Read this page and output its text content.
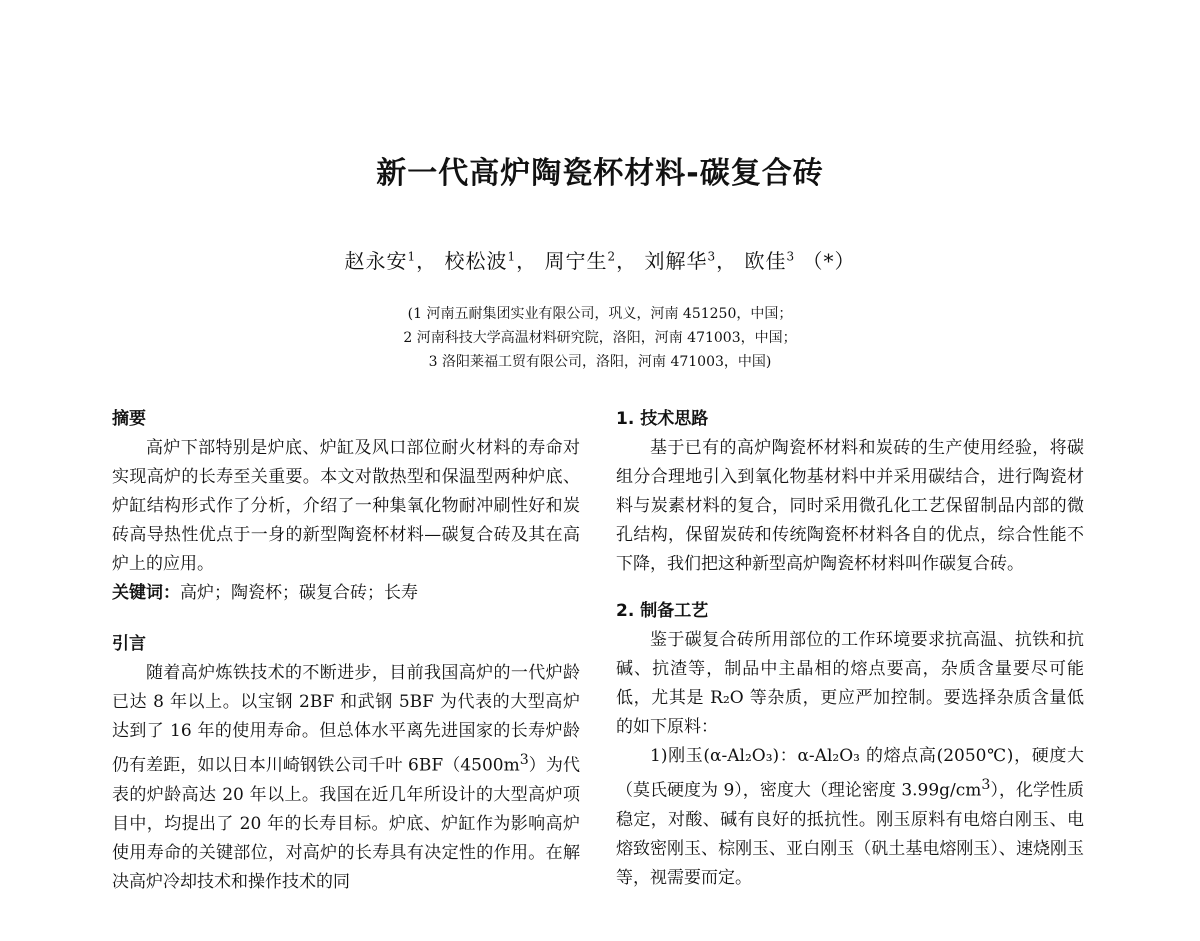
新一代高炉陶瓷杯材料-碳复合砖
赵永安$^1$， 校松波$^1$， 周宁生$^2$， 刘解华$^3$， 欧佳$^3$ （*）
(1 河南五耐集团实业有限公司，巩义，河南 451250，中国；
2 河南科技大学高温材料研究院，洛阳，河南 471003，中国；
3 洛阳莱福工贸有限公司，洛阳，河南 471003，中国)

摘要

高炉下部特别是炉底、炉缸及风口部位耐火材料的寿命对实现高炉的长寿至关重要。本文对散热型和保温型两种炉底、炉缸结构形式作了分析，介绍了一种集氧化物耐冲刷性好和炭砖高导热性优点于一身的新型陶瓷杯材料—碳复合砖及其在高炉上的应用。

关键词：高炉；陶瓷杯；碳复合砖；长寿

引言

随着高炉炼铁技术的不断进步，目前我国高炉的一代炉龄已达 8 年以上。以宝钢 2BF 和武钢 5BF 为代表的大型高炉达到了 16 年的使用寿命。但总体水平离先进国家的长寿炉龄仍有差距，如以日本川崎钢铁公司千叶 $6BF(4500m^3)$为代表的炉龄高达 20 年以上。我国在近几年所设计的大型高炉项目中，均提出了 20 年的长寿目标。炉底、炉缸作为影响高炉使用寿命的关键部位，对高炉的长寿具有决定性的作用。在解决高炉冷却技术和操作技术的同

1. 技术思路

基于已有的高炉陶瓷杯材料和炭砖的生产使用经验，将碳组分合理地引入到氧化物基材料中并采用碳结合，进行陶瓷材料与炭素材料的复合，同时采用微孔化工艺保留制品内部的微孔结构，保留炭砖和传统陶瓷杯材料各自的优点，综合性能不下降，我们把这种新型高炉陶瓷杯材料叫作碳复合砖。

2. 制备工艺

鉴于碳复合砖所用部位的工作环境要求抗高温、抗铁和抗碱、抗渣等，制品中主晶相的熔点要高，杂质含量要尽可能低，尤其是 R₂O 等杂质，更应严加控制。要选择杂质含量低的如下原料：

1)刚玉(α-Al₂O₃)：α-Al₂O₃ 的熔点高(2050℃)，硬度大（莫氏硬度为 9），密度大（理论密度 $3.99g/cm^3$），化学性质稳定，对酸、碱有良好的抵抗性。刚玉原料有电熔白刚玉、电熔致密刚玉、棕刚玉、亚白刚玉（矾土基电熔刚玉）、速烧刚玉等，视需要而定。
